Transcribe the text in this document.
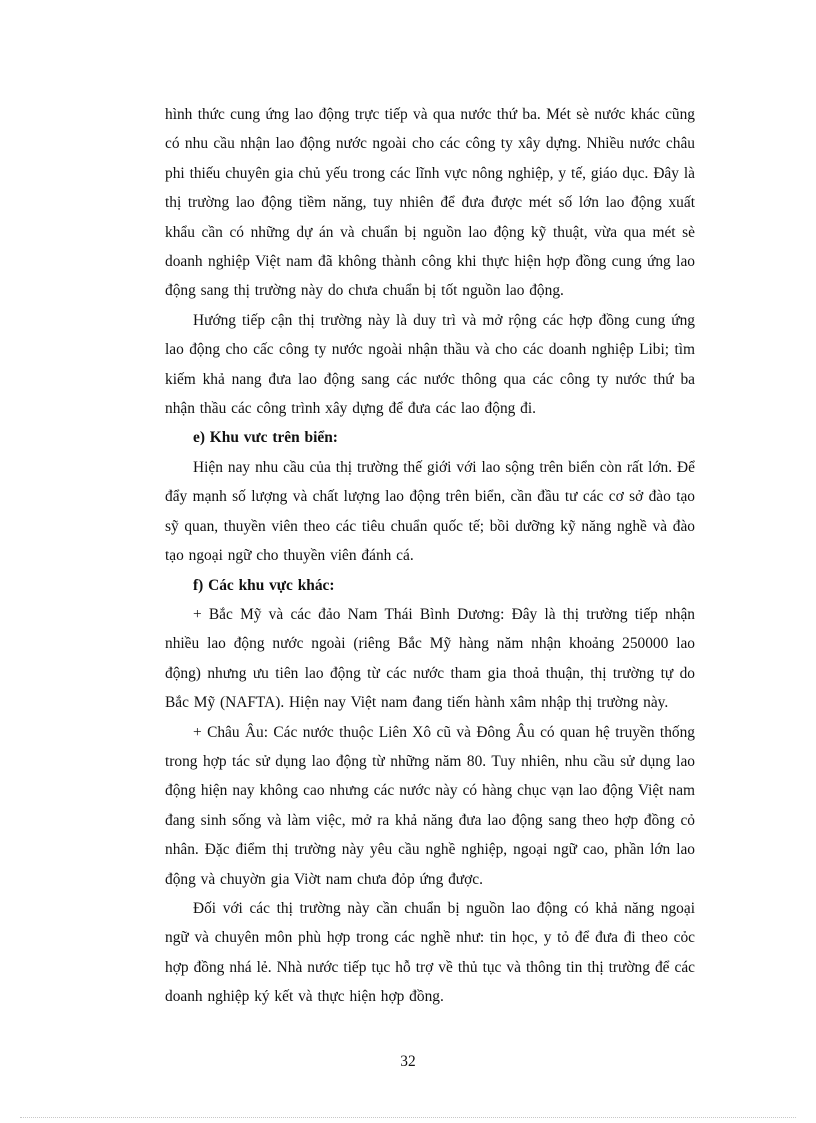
hình thức cung ứng lao động trực tiếp và qua nước thứ ba. Mét sè nước khác cũng có nhu cầu nhận lao động nước ngoài cho các công ty xây dựng. Nhiều nước châu phi thiếu chuyên gia chủ yếu trong các lĩnh vực nông nghiệp, y tế, giáo dục. Đây là thị trường lao động tiềm năng, tuy nhiên để đưa được mét số lớn lao động xuất khẩu cần có những dự án và chuẩn bị nguồn lao động kỹ thuật, vừa qua mét sè doanh nghiệp Việt nam đã không thành công khi thực hiện hợp đồng cung ứng lao động sang thị trường này do chưa chuẩn bị tốt nguồn lao động.

Hướng tiếp cận thị trường này là duy trì và mở rộng các hợp đồng cung ứng lao động cho cấc công ty nước ngoài nhận thầu và cho các doanh nghiệp Libi; tìm kiếm khả nang đưa lao động sang các nước thông qua các công ty nước thứ ba nhận thầu các công trình xây dựng để đưa các lao động đi.

e) Khu vưc trên biển:

Hiện nay nhu cầu của thị trường thế giới với lao sộng trên biển còn rất lớn. Để đẩy mạnh số lượng và chất lượng lao động trên biển, cần đầu tư các cơ sở đào tạo sỹ quan, thuyền viên theo các tiêu chuẩn quốc tế; bồi dưỡng kỹ năng nghề và đào tạo ngoại ngữ cho thuyền viên đánh cá.

f) Các khu vực khác:

+ Bắc Mỹ và các đảo Nam Thái Bình Dương: Đây là thị trường tiếp nhận nhiều lao động nước ngoài (riêng Bắc Mỹ hàng năm nhận khoảng 250000 lao động) nhưng ưu tiên lao động từ các nước tham gia thoả thuận, thị trường tự do Bắc Mỹ (NAFTA). Hiện nay Việt nam đang tiến hành xâm nhập thị trường này.

+ Châu Âu: Các nước thuộc Liên Xô cũ và Đông Âu có quan hệ truyền thống trong hợp tác sử dụng lao động từ những năm 80. Tuy nhiên, nhu cầu sử dụng lao động hiện nay không cao nhưng các nước này có hàng chục vạn lao động Việt nam đang sinh sống và làm việc, mở ra khả năng đưa lao động sang theo hợp đồng cỏ nhân. Đặc điểm thị trường này yêu cầu nghề nghiệp, ngoại ngữ cao, phần lớn lao động và chuyờn gia Viờt nam chưa đỏp ứng được.

Đối với các thị trường này cần chuẩn bị nguồn lao động có khả năng ngoại ngữ và chuyên môn phù hợp trong các nghề như: tin học, y tỏ để đưa đi theo cỏc hợp đồng nhá lẻ. Nhà nước tiếp tục hỗ trợ về thủ tục và thông tin thị trường để các doanh nghiệp ký kết và thực hiện hợp đồng.

32
